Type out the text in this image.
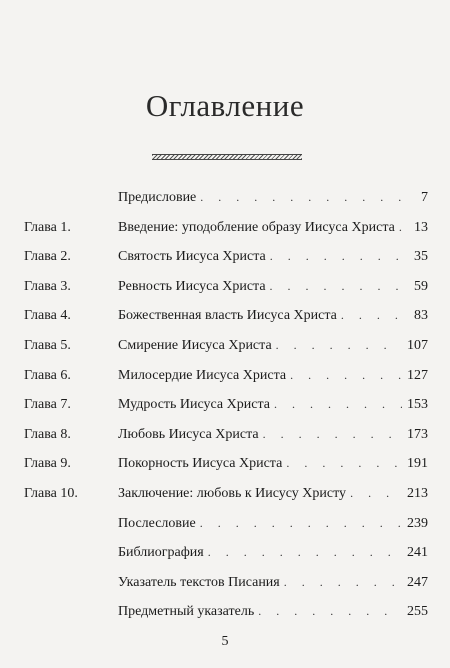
Оглавление
Предисловие . . .	7
Глава 1.	Введение: уподобление образу Иисуса Христа . . .	13
Глава 2.	Святость Иисуса Христа . . .	35
Глава 3.	Ревность Иисуса Христа . . .	59
Глава 4.	Божественная власть Иисуса Христа . . .	83
Глава 5.	Смирение Иисуса Христа . . .	107
Глава 6.	Милосердие Иисуса Христа . . .	127
Глава 7.	Мудрость Иисуса Христа . . .	153
Глава 8.	Любовь Иисуса Христа . . .	173
Глава 9.	Покорность Иисуса Христа . . .	191
Глава 10.	Заключение: любовь к Иисусу Христу . . .	213
Послесловие . . .	239
Библиография . . .	241
Указатель текстов Писания . . .	247
Предметный указатель . . .	255
5
